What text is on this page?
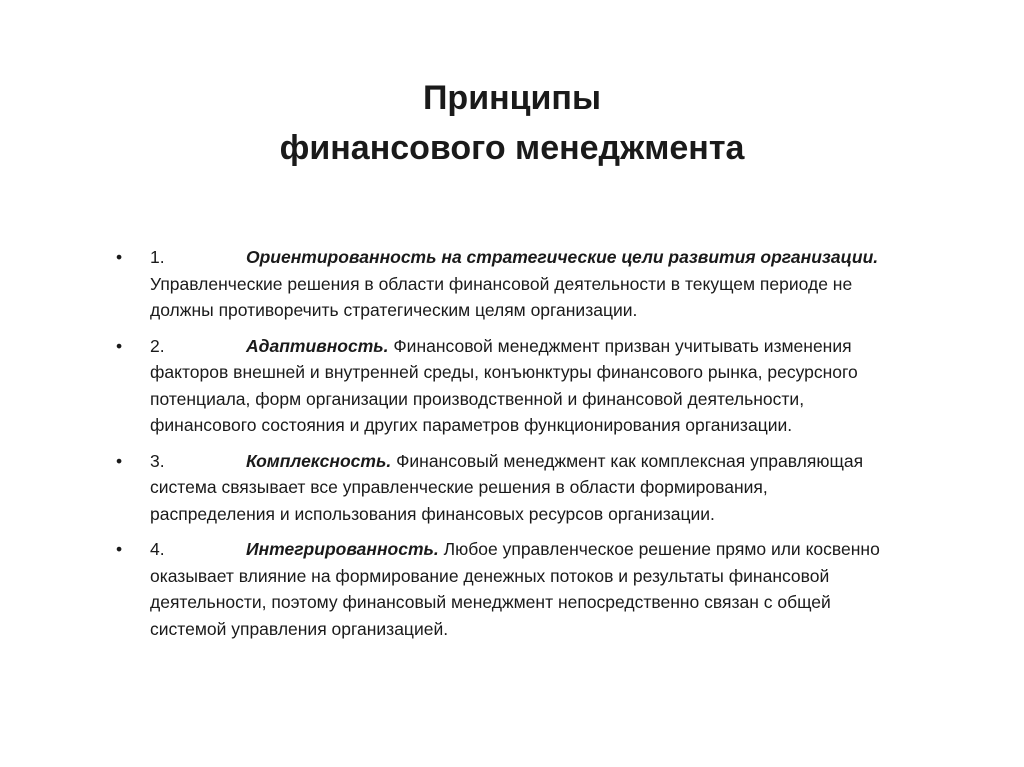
Принципы
финансового менеджмента
• 1.	Ориентированность на стратегические цели развития организации. Управленческие решения в области финансовой деятельности в текущем периоде не должны противоречить стратегическим целям организации.
• 2.	Адаптивность. Финансовой менеджмент призван учитывать изменения факторов внешней и внутренней среды, конъюнктуры финансового рынка, ресурсного потенциала, форм организации производственной и финансовой деятельности, финансового состояния и других параметров функционирования организации.
• 3.	Комплексность. Финансовый менеджмент как комплексная управляющая система связывает все управленческие решения в области формирования, распределения и использования финансовых ресурсов организации.
• 4.	Интегрированность. Любое управленческое решение прямо или косвенно оказывает влияние на формирование денежных потоков и результаты финансовой деятельности, поэтому финансовый менеджмент непосредственно связан с общей системой управления организацией.
